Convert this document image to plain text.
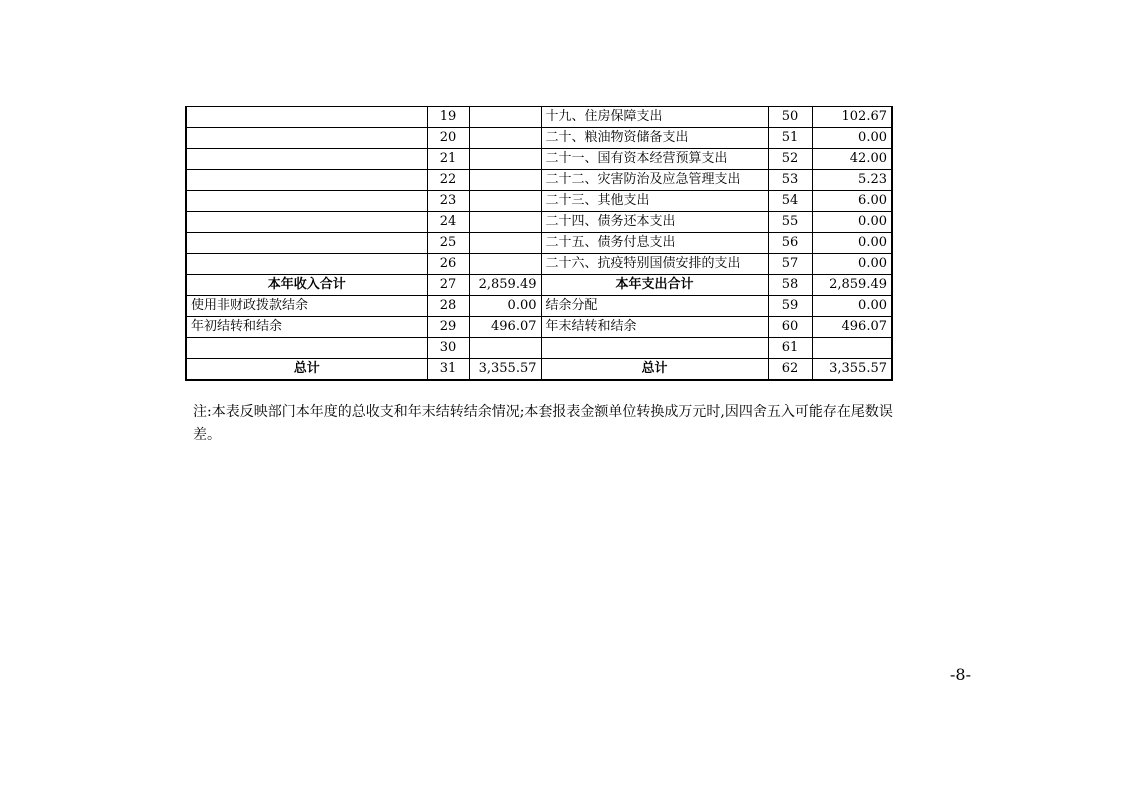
	19		十九、住房保障支出	50	102.67
	20		二十、粮油物资储备支出	51	0.00
	21		二十一、国有资本经营预算支出	52	42.00
	22		二十二、灾害防治及应急管理支出	53	5.23
	23		二十三、其他支出	54	6.00
	24		二十四、债务还本支出	55	0.00
	25		二十五、债务付息支出	56	0.00
	26		二十六、抗疫特别国债安排的支出	57	0.00
本年收入合计	27	2,859.49	本年支出合计	58	2,859.49
使用非财政拨款结余	28	0.00	结余分配	59	0.00
年初结转和结余	29	496.07	年末结转和结余	60	496.07
	30			61	
总计	31	3,355.57	总计	62	3,355.57
注:本表反映部门本年度的总收支和年末结转结余情况;本套报表金额单位转换成万元时,因四舍五入可能存在尾数误差。
-8-
